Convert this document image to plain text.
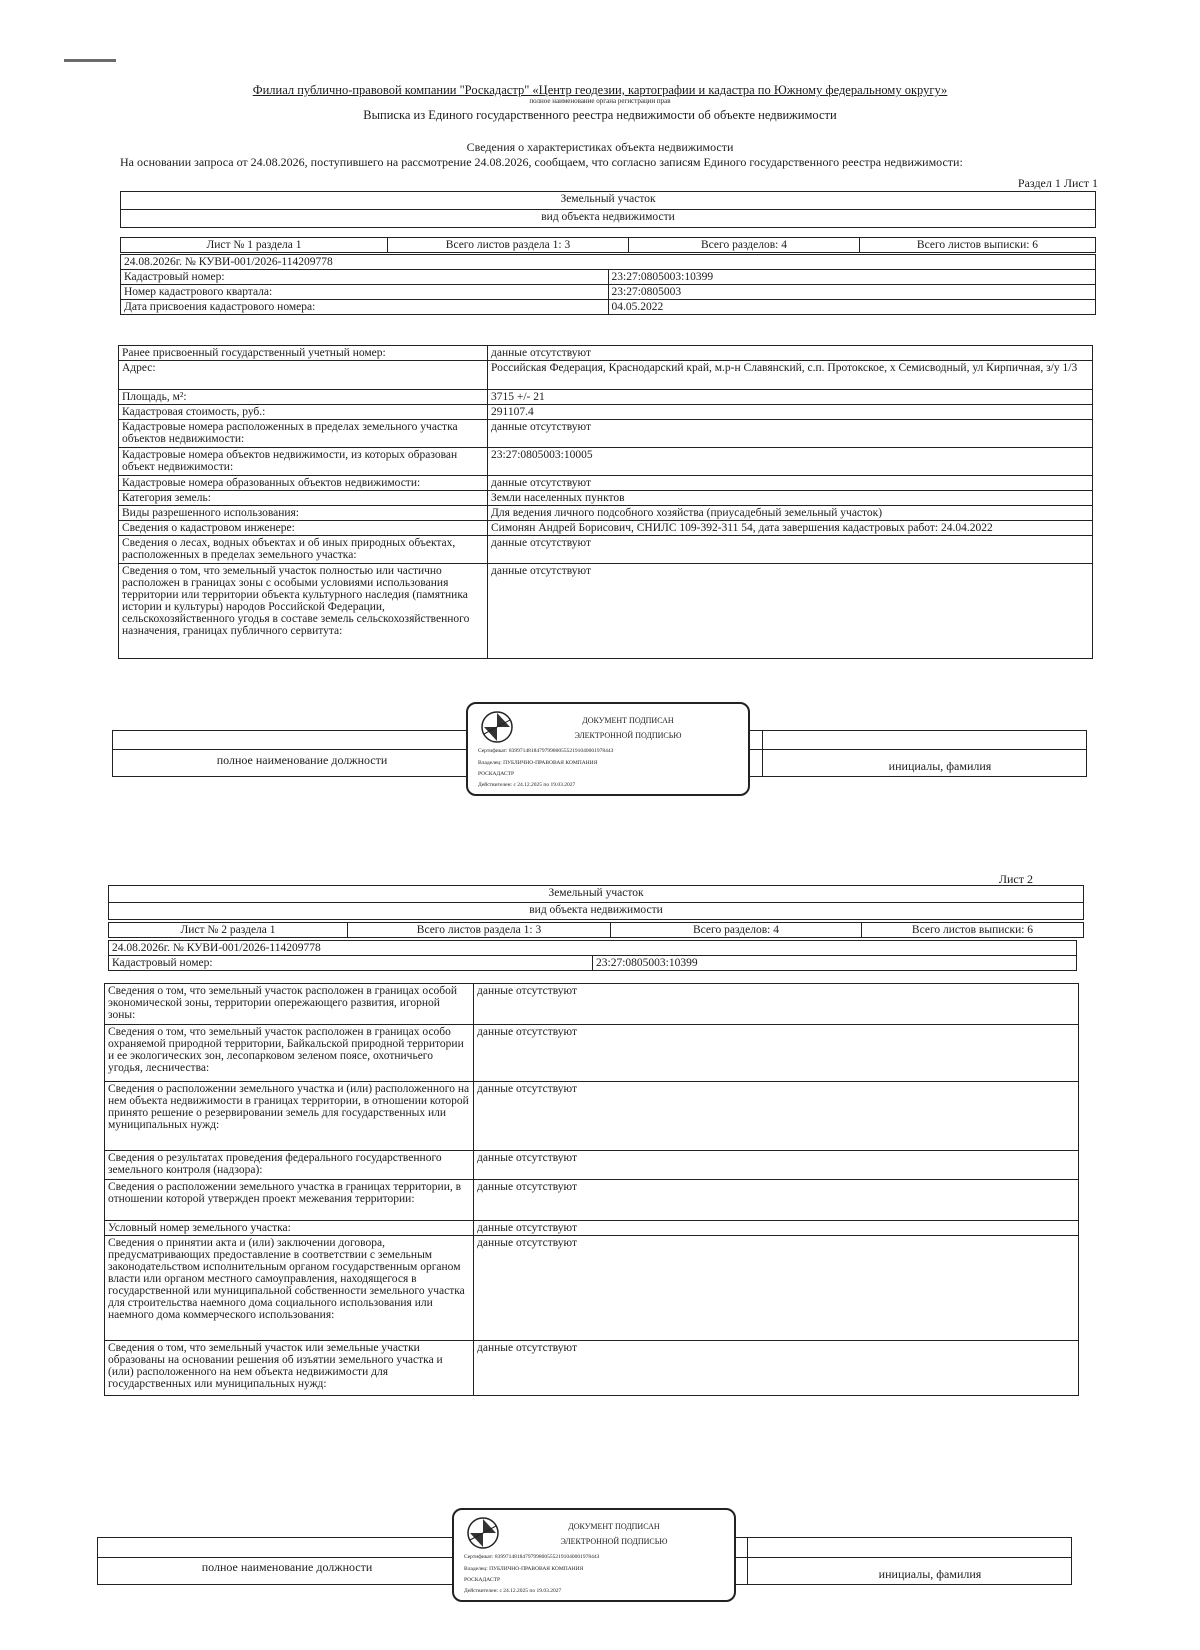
Филиал публично-правовой компании "Роскадастр" «Центр геодезии, картографии и кадастра по Южному федеральному округу»
полное наименование органа регистрации прав
Выписка из Единого государственного реестра недвижимости об объекте недвижимости
Сведения о характеристиках объекта недвижимости
На основании запроса от 24.08.2026, поступившего на рассмотрение 24.08.2026, сообщаем, что согласно записям Единого государственного реестра недвижимости:
Раздел 1 Лист 1
Земельный участок
вид объекта недвижимости
Лист № 1 раздела 1	Всего листов раздела 1: 3	Всего разделов: 4	Всего листов выписки: 6
24.08.2026г. № КУВИ-001/2026-114209778	
Кадастровый номер:	23:27:0805003:10399
Номер кадастрового квартала:	23:27:0805003
Дата присвоения кадастрового номера:	04.05.2022
Ранее присвоенный государственный учетный номер:	данные отсутствуют
Адрес:	Российская Федерация, Краснодарский край, м.р-н Славянский, с.п. Протокское, х Семисводный, ул Кирпичная, з/у 1/3
Площадь, м²:	3715 +/- 21
Кадастровая стоимость, руб.:	291107.4
Кадастровые номера расположенных в пределах земельного участка объектов недвижимости:	данные отсутствуют
Кадастровые номера объектов недвижимости, из которых образован объект недвижимости:	23:27:0805003:10005
Кадастровые номера образованных объектов недвижимости:	данные отсутствуют
Категория земель:	Земли населенных пунктов
Виды разрешенного использования:	Для ведения личного подсобного хозяйства (приусадебный земельный участок)
Сведения о кадастровом инженере:	Симонян Андрей Борисович, СНИЛС 109-392-311 54, дата завершения кадастровых работ: 24.04.2022
Сведения о лесах, водных объектах и об иных природных объектах, расположенных в пределах земельного участка:	данные отсутствуют
Сведения о том, что земельный участок полностью или частично расположен в границах зоны с особыми условиями использования территории или территории объекта культурного наследия (памятника истории и культуры) народов Российской Федерации, сельскохозяйственного угодья в составе земель сельскохозяйственного назначения, границах публичного сервитута:	данные отсутствуют
полное наименование должности	инициалы, фамилия
ДОКУМЕНТ ПОДПИСАН
ЭЛЕКТРОННОЙ ПОДПИСЬЮ
Сертификат: 8399714818479799800555219104000197844З
Владелец: ПУБЛИЧНО-ПРАВОВАЯ КОМПАНИЯ
РОСКАДАСТР
Действителен: с 24.12.2025 по 19.03.2027
Лист 2
Земельный участок
вид объекта недвижимости
Лист № 2 раздела 1	Всего листов раздела 1: 3	Всего разделов: 4	Всего листов выписки: 6
24.08.2026г. № КУВИ-001/2026-114209778
Кадастровый номер:	23:27:0805003:10399
Сведения о том, что земельный участок расположен в границах особой экономической зоны, территории опережающего развития, игорной зоны:	данные отсутствуют
Сведения о том, что земельный участок расположен в границах особо охраняемой природной территории, Байкальской природной территории и ее экологических зон, лесопарковом зеленом поясе, охотничьего угодья, лесничества:	данные отсутствуют
Сведения о расположении земельного участка и (или) расположенного на нем объекта недвижимости в границах территории, в отношении которой принято решение о резервировании земель для государственных или муниципальных нужд:	данные отсутствуют
Сведения о результатах проведения федерального государственного земельного контроля (надзора):	данные отсутствуют
Сведения о расположении земельного участка в границах территории, в отношении которой утвержден проект межевания территории:	данные отсутствуют
Условный номер земельного участка:	данные отсутствуют
Сведения о принятии акта и (или) заключении договора, предусматривающих предоставление в соответствии с земельным законодательством исполнительным органом государственным органом власти или органом местного самоуправления, находящегося в государственной или муниципальной собственности земельного участка для строительства наемного дома социального использования или наемного дома коммерческого использования:	данные отсутствуют
Сведения о том, что земельный участок или земельные участки образованы на основании решения об изъятии земельного участка и (или) расположенного на нем объекта недвижимости для государственных или муниципальных нужд:	данные отсутствуют
полное наименование должности	инициалы, фамилия
ДОКУМЕНТ ПОДПИСАН
ЭЛЕКТРОННОЙ ПОДПИСЬЮ
Сертификат: 8399714818479799800555219104000197844З
Владелец: ПУБЛИЧНО-ПРАВОВАЯ КОМПАНИЯ
РОСКАДАСТР
Действителен: с 24.12.2025 по 19.03.2027
